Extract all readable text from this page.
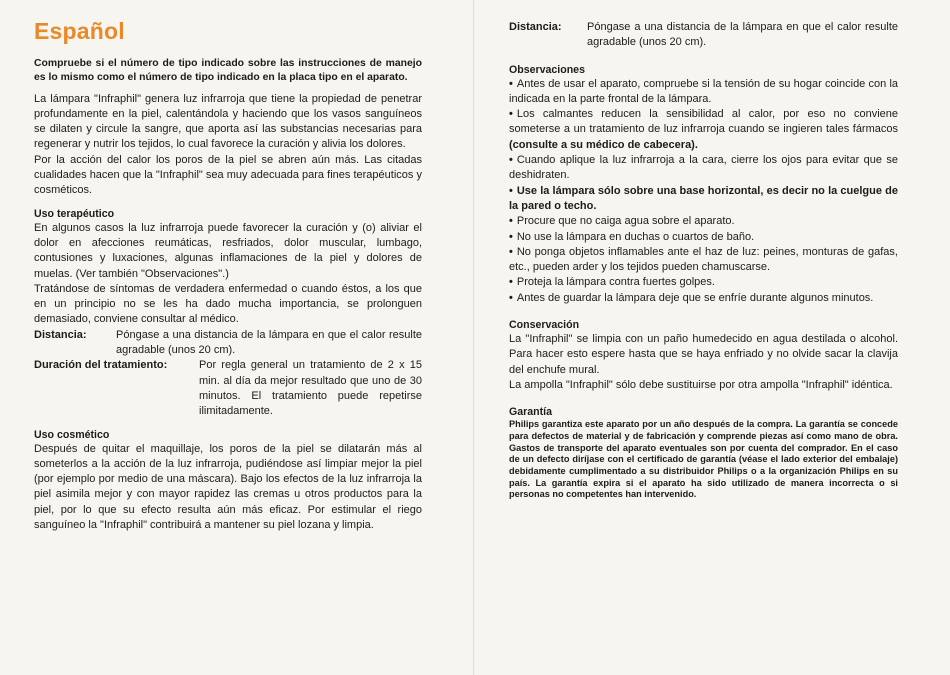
Español

Compruebe si el número de tipo indicado sobre las instrucciones de manejo es lo mismo como el número de tipo indicado en la placa tipo en el aparato.

La lámpara "Infraphil" genera luz infrarroja que tiene la propiedad de penetrar profundamente en la piel, calentándola y haciendo que los vasos sanguíneos se dilaten y circule la sangre, que aporta así las substancias necesarias para regenerar y nutrir los tejidos, lo cual favorece la curación y alivia los dolores.

Por la acción del calor los poros de la piel se abren aún más. Las citadas cualidades hacen que la "Infraphil" sea muy adecuada para fines terapéuticos y cosméticos.

Uso terapéutico

En algunos casos la luz infrarroja puede favorecer la curación y (o) aliviar el dolor en afecciones reumáticas, resfriados, dolor muscular, lumbago, contusiones y luxaciones, algunas inflamaciones de la piel y dolores de muelas. (Ver también "Observaciones".)

Tratándose de síntomas de verdadera enfermedad o cuando éstos, a los que en un principio no se les ha dado mucha importancia, se prolonguen demasiado, conviene consultar al médico.

Distancia:	Póngase a una distancia de la lámpara en que el calor resulte agradable (unos 20 cm).
Duración del tratamiento:	Por regla general un tratamiento de 2 x 15 min. al día da mejor resultado que uno de 30 minutos. El tratamiento puede repetirse ilimitadamente.
Uso cosmético

Después de quitar el maquillaje, los poros de la piel se dilatarán más al someterlos a la acción de la luz infrarroja, pudiéndose así limpiar mejor la piel (por ejemplo por medio de una máscara). Bajo los efectos de la luz infrarroja la piel asimila mejor y con mayor rapidez las cremas u otros productos para la piel, por lo que su efecto resulta aún más eficaz. Por estimular el riego sanguíneo la "Infraphil" contribuirá a mantener su piel lozana y limpia.

Distancia:	Póngase a una distancia de la lámpara en que el calor resulte agradable (unos 20 cm).
Observaciones
• Antes de usar el aparato, compruebe si la tensión de su hogar coincide con la indicada en la parte frontal de la lámpara.
• Los calmantes reducen la sensibilidad al calor, por eso no conviene someterse a un tratamiento de luz infrarroja cuando se ingieren tales fármacos (consulte a su médico de cabecera).
• Cuando aplique la luz infrarroja a la cara, cierre los ojos para evitar que se deshidraten.
• Use la lámpara sólo sobre una base horizontal, es decir no la cuelgue de la pared o techo.
• Procure que no caiga agua sobre el aparato.
• No use la lámpara en duchas o cuartos de baño.
• No ponga objetos inflamables ante el haz de luz: peines, monturas de gafas, etc., pueden arder y los tejidos pueden chamuscarse.
• Proteja la lámpara contra fuertes golpes.
• Antes de guardar la lámpara deje que se enfríe durante algunos minutos.
Conservación

La "Infraphil" se limpia con un paño humedecido en agua destilada o alcohol. Para hacer esto espere hasta que se haya enfriado y no olvide sacar la clavija del enchufe mural.

La ampolla "Infraphil" sólo debe sustituirse por otra ampolla "Infraphil" idéntica.

Garantía

Philips garantiza este aparato por un año después de la compra. La garantía se concede para defectos de material y de fabricación y comprende piezas así como mano de obra. Gastos de transporte del aparato eventuales son por cuenta del comprador. En el caso de un defecto diríjase con el certificado de garantía (véase el lado exterior del embalaje) debidamente cumplimentado a su distribuidor Philips o a la organización Philips en su país. La garantía expira si el aparato ha sido utilizado de manera incorrecta o si personas no competentes han intervenido.
